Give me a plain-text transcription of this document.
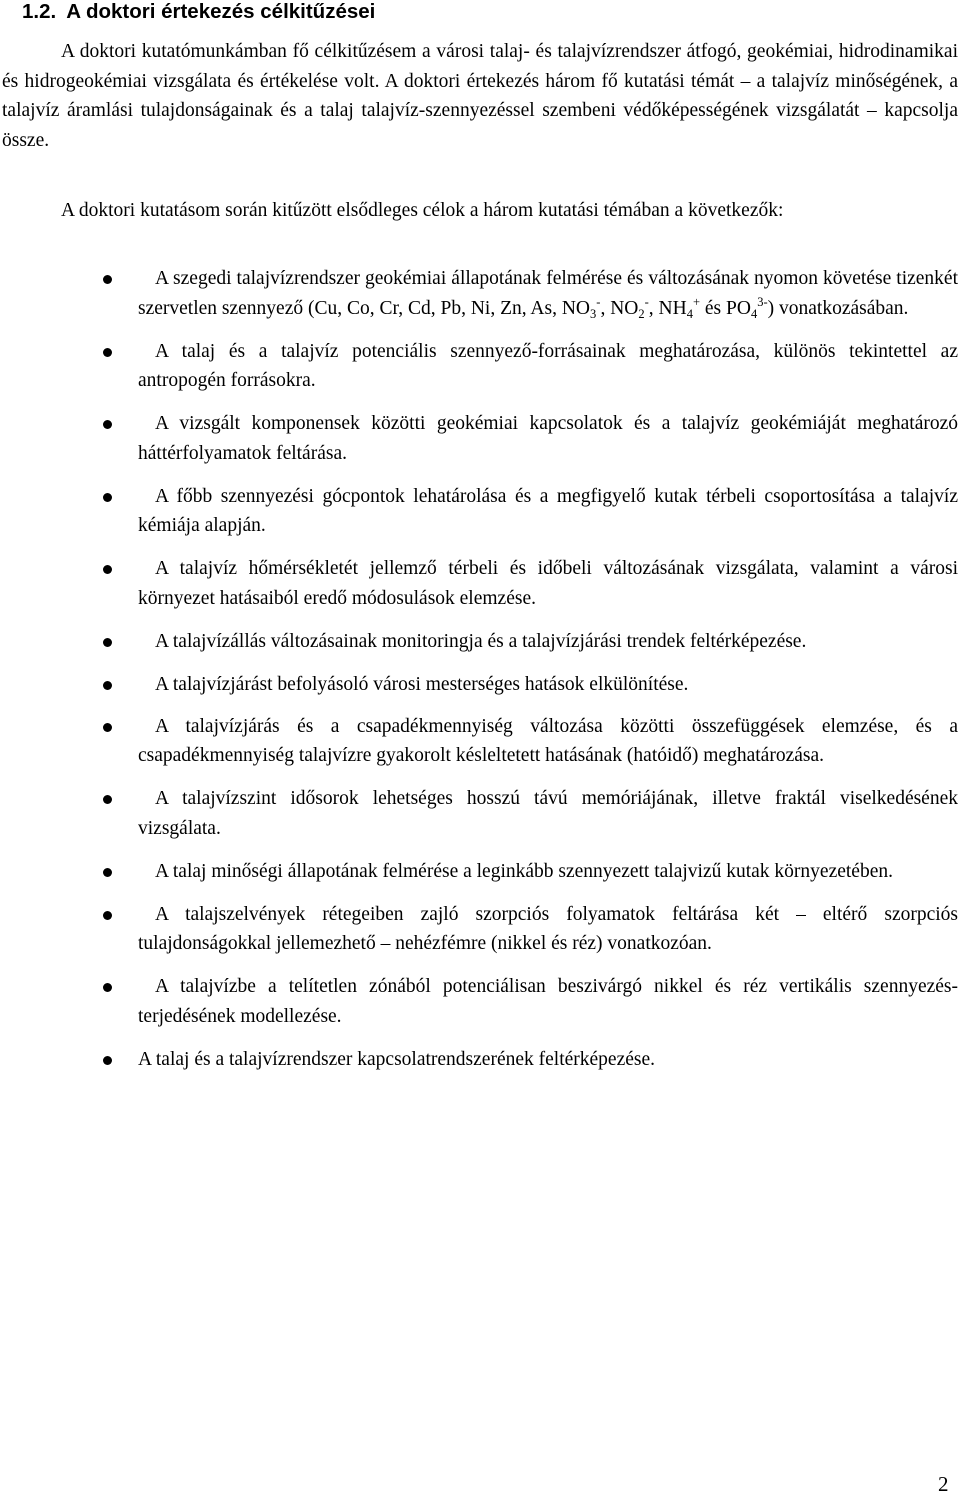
1.2. A doktori értekezés célkitűzései

A doktori kutatómunkámban fő célkitűzésem a városi talaj- és talajvízrendszer átfogó, geokémiai, hidrodinamikai és hidrogeokémiai vizsgálata és értékelése volt. A doktori értekezés három fő kutatási témát – a talajvíz minőségének, a talajvíz áramlási tulajdonságainak és a talaj talajvíz-szennyezéssel szembeni védőképességének vizsgálatát – kapcsolja össze.

A doktori kutatásom során kitűzött elsődleges célok a három kutatási témában a következők:

A szegedi talajvízrendszer geokémiai állapotának felmérése és változásának nyomon követése tizenkét szervetlen szennyező (Cu, Co, Cr, Cd, Pb, Ni, Zn, As, $NO_3^-$, $NO_2^-$, $NH_4^+$ és $PO_4^{3-}$) vonatkozásában.
A talaj és a talajvíz potenciális szennyező-forrásainak meghatározása, különös tekintettel az antropogén forrásokra.
A vizsgált komponensek közötti geokémiai kapcsolatok és a talajvíz geokémiáját meghatározó háttérfolyamatok feltárása.
A főbb szennyezési gócpontok lehatárolása és a megfigyelő kutak térbeli csoportosítása a talajvíz kémiája alapján.
A talajvíz hőmérsékletét jellemző térbeli és időbeli változásának vizsgálata, valamint a városi környezet hatásaiból eredő módosulások elemzése.
A talajvízállás változásainak monitoringja és a talajvízjárási trendek feltérképezése.
A talajvízjárást befolyásoló városi mesterséges hatások elkülönítése.
A talajvízjárás és a csapadékmennyiség változása közötti összefüggések elemzése, és a csapadékmennyiség talajvízre gyakorolt késleltetett hatásának (hatóidő) meghatározása.
A talajvízszint idősorok lehetséges hosszú távú memóriájának, illetve fraktál viselkedésének vizsgálata.
A talaj minőségi állapotának felmérése a leginkább szennyezett talajvizű kutak környezetében.
A talajszelvények rétegeiben zajló szorpciós folyamatok feltárása két – eltérő szorpciós tulajdonságokkal jellemezhető – nehézfémre (nikkel és réz) vonatkozóan.
A talajvízbe a telítetlen zónából potenciálisan beszivárgó nikkel és réz vertikális szennyezés-terjedésének modellezése.
A talaj és a talajvízrendszer kapcsolatrendszerének feltérképezése.
2
